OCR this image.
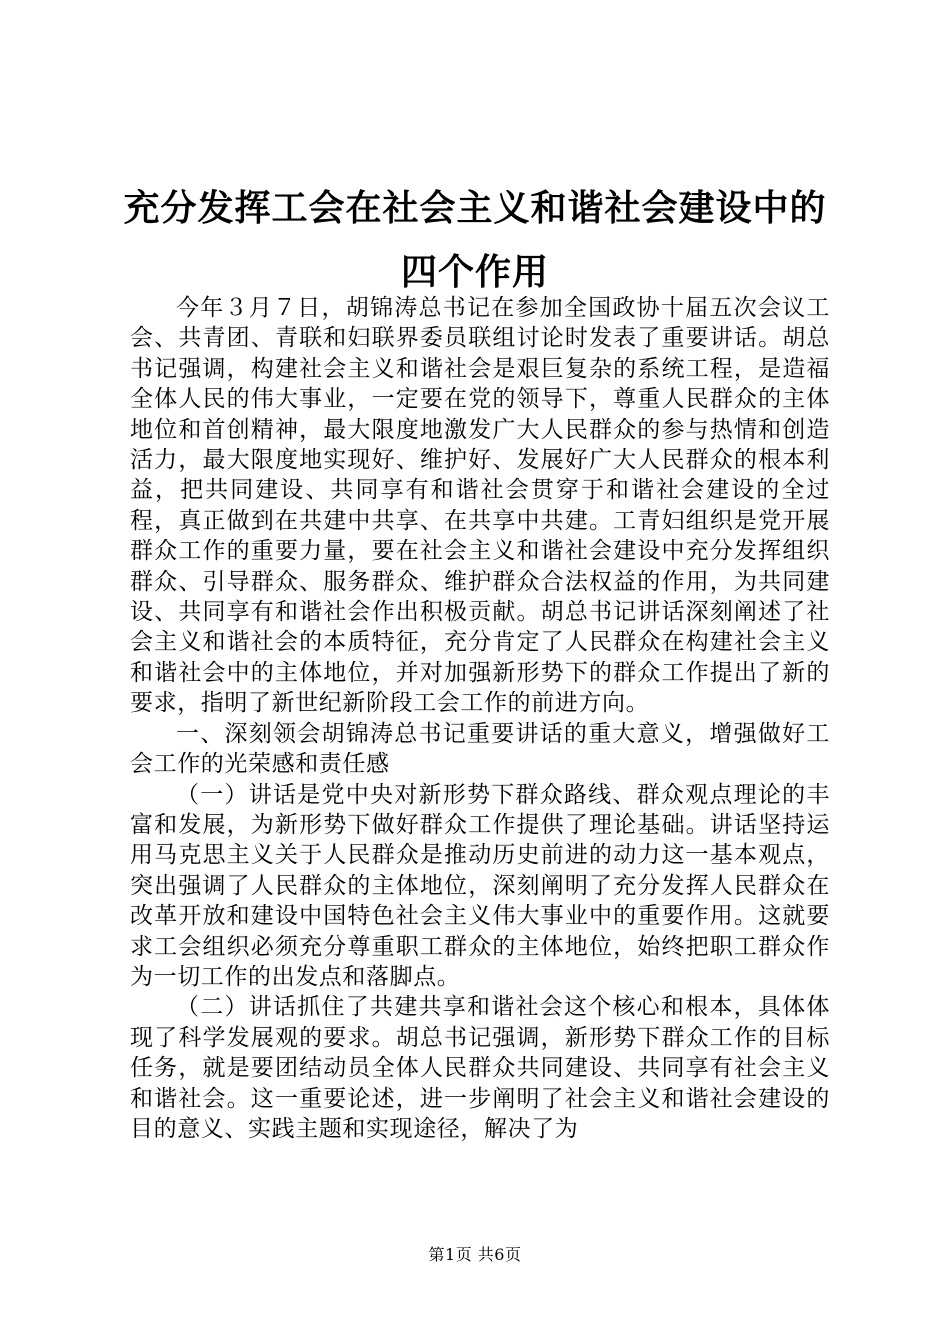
充分发挥工会在社会主义和谐社会建设中的四个作用

今年３月７日，胡锦涛总书记在参加全国政协十届五次会议工会、共青团、青联和妇联界委员联组讨论时发表了重要讲话。胡总书记强调，构建社会主义和谐社会是艰巨复杂的系统工程，是造福全体人民的伟大事业，一定要在党的领导下，尊重人民群众的主体地位和首创精神，最大限度地激发广大人民群众的参与热情和创造活力，最大限度地实现好、维护好、发展好广大人民群众的根本利益，把共同建设、共同享有和谐社会贯穿于和谐社会建设的全过程，真正做到在共建中共享、在共享中共建。工青妇组织是党开展群众工作的重要力量，要在社会主义和谐社会建设中充分发挥组织群众、引导群众、服务群众、维护群众合法权益的作用，为共同建设、共同享有和谐社会作出积极贡献。胡总书记讲话深刻阐述了社会主义和谐社会的本质特征，充分肯定了人民群众在构建社会主义和谐社会中的主体地位，并对加强新形势下的群众工作提出了新的要求，指明了新世纪新阶段工会工作的前进方向。

一、深刻领会胡锦涛总书记重要讲话的重大意义，增强做好工会工作的光荣感和责任感

（一）讲话是党中央对新形势下群众路线、群众观点理论的丰富和发展，为新形势下做好群众工作提供了理论基础。讲话坚持运用马克思主义关于人民群众是推动历史前进的动力这一基本观点，突出强调了人民群众的主体地位，深刻阐明了充分发挥人民群众在改革开放和建设中国特色社会主义伟大事业中的重要作用。这就要求工会组织必须充分尊重职工群众的主体地位，始终把职工群众作为一切工作的出发点和落脚点。

（二）讲话抓住了共建共享和谐社会这个核心和根本，具体体现了科学发展观的要求。胡总书记强调，新形势下群众工作的目标任务，就是要团结动员全体人民群众共同建设、共同享有社会主义和谐社会。这一重要论述，进一步阐明了社会主义和谐社会建设的目的意义、实践主题和实现途径，解决了为

第1页 共6页
